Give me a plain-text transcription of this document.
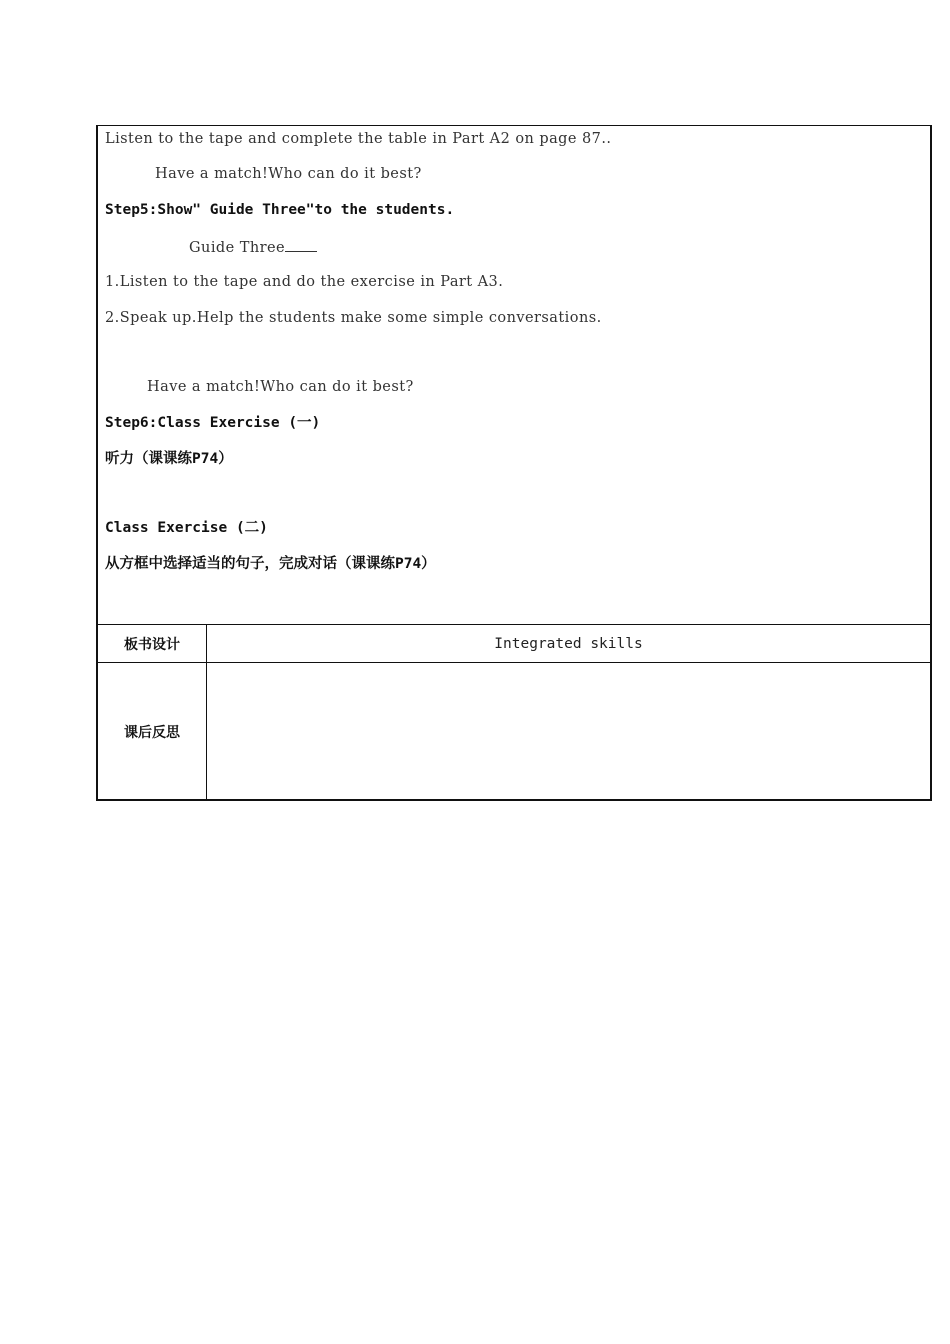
Listen to the tape and complete the table in Part A2 on page 87..
Have a match!Who can do it best?
Step5:Show" Guide Three"to the students.
Guide Three
1.Listen to the tape and do the exercise in Part A3.
2.Speak up.Help the students make some simple conversations.
Have a match!Who can do it best?
Step6:Class Exercise (一)
听力（课课练P74）
Class Exercise (二)
从方框中选择适当的句子，完成对话（课课练P74）
板书设计	Integrated skills
课后反思
